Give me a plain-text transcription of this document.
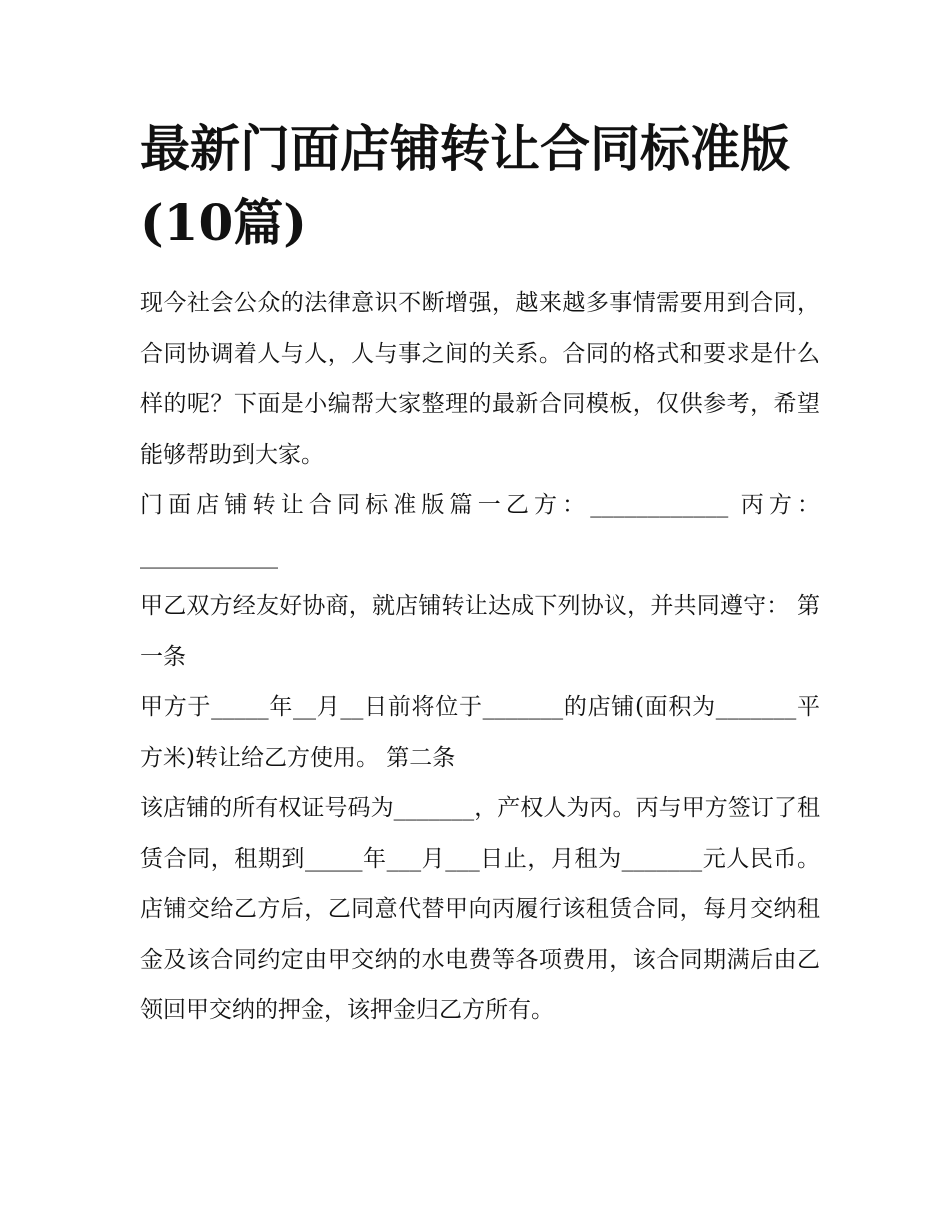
最新门面店铺转让合同标准版(10篇)

现今社会公众的法律意识不断增强，越来越多事情需要用到合同，合同协调着人与人，人与事之间的关系。合同的格式和要求是什么样的呢？下面是小编帮大家整理的最新合同模板，仅供参考，希望能够帮助到大家。

门面店铺转让合同标准版篇一乙方：____________ 丙方：____________

甲乙双方经友好协商，就店铺转让达成下列协议，并共同遵守： 第一条

甲方于_____年__月__日前将位于_______的店铺(面积为_______平方米)转让给乙方使用。 第二条

该店铺的所有权证号码为_______，产权人为丙。丙与甲方签订了租赁合同，租期到_____年___月___日止，月租为_______元人民币。店铺交给乙方后，乙同意代替甲向丙履行该租赁合同，每月交纳租金及该合同约定由甲交纳的水电费等各项费用，该合同期满后由乙领回甲交纳的押金，该押金归乙方所有。
